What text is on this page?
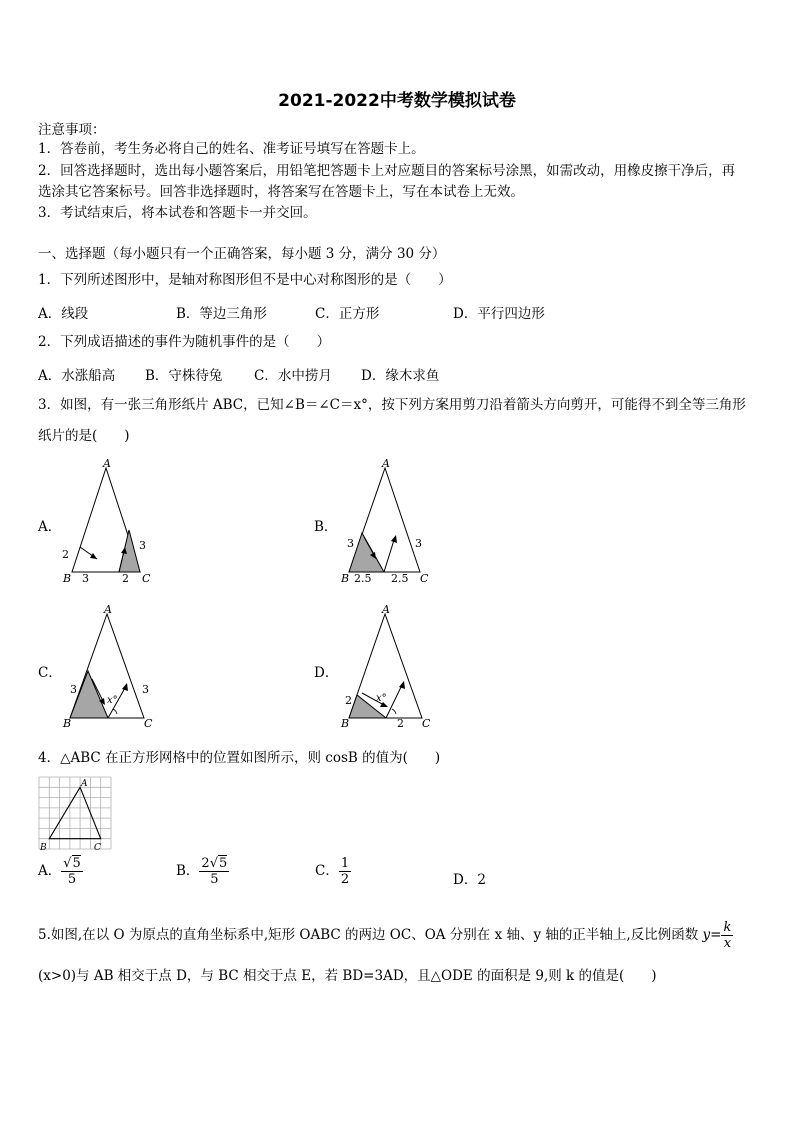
2021-2022中考数学模拟试卷
注意事项：
1．答卷前，考生务必将自己的姓名、准考证号填写在答题卡上。
2．回答选择题时，选出每小题答案后，用铅笔把答题卡上对应题目的答案标号涂黑，如需改动，用橡皮擦干净后，再
选涂其它答案标号。回答非选择题时，将答案写在答题卡上，写在本试卷上无效。
3．考试结束后，将本试卷和答题卡一并交回。
一、选择题（每小题只有一个正确答案，每小题 3 分，满分 30 分）
1．下列所述图形中，是轴对称图形但不是中心对称图形的是（　　）
A．线段	B．等边三角形	C．正方形	D．平行四边形
2．下列成语描述的事件为随机事件的是（　　）
A．水涨船高 B．守株待兔 C．水中捞月 D．缘木求鱼
3．如图，有一张三角形纸片 ABC，已知∠B＝∠C＝x°，按下列方案用剪刀沿着箭头方向剪开，可能得不到全等三角形
纸片的是(　　)
A．
A
B	C
2
3	2
3
B．
A
B	C
3
2.5 2.5
3
C．
A
B	C
3	3
x°
D．
A
B	C
2
2
x°
4．△ABC 在正方形网格中的位置如图所示，则 cosB 的值为(　　)
A
B	C
A． $\frac{√5}{5}$	B． $\frac{2√5}{5}$	C． $\frac{1}{2}$	D．2
5.如图,在以 O 为原点的直角坐标系中,矩形 OABC 的两边 OC、OA 分别在 x 轴、y 轴的正半轴上,反比例函数 $y= \frac{k}{x}$
(x>0)与 AB 相交于点 D，与 BC 相交于点 E，若 BD=3AD，且△ODE 的面积是 9,则 k 的值是(　　)
